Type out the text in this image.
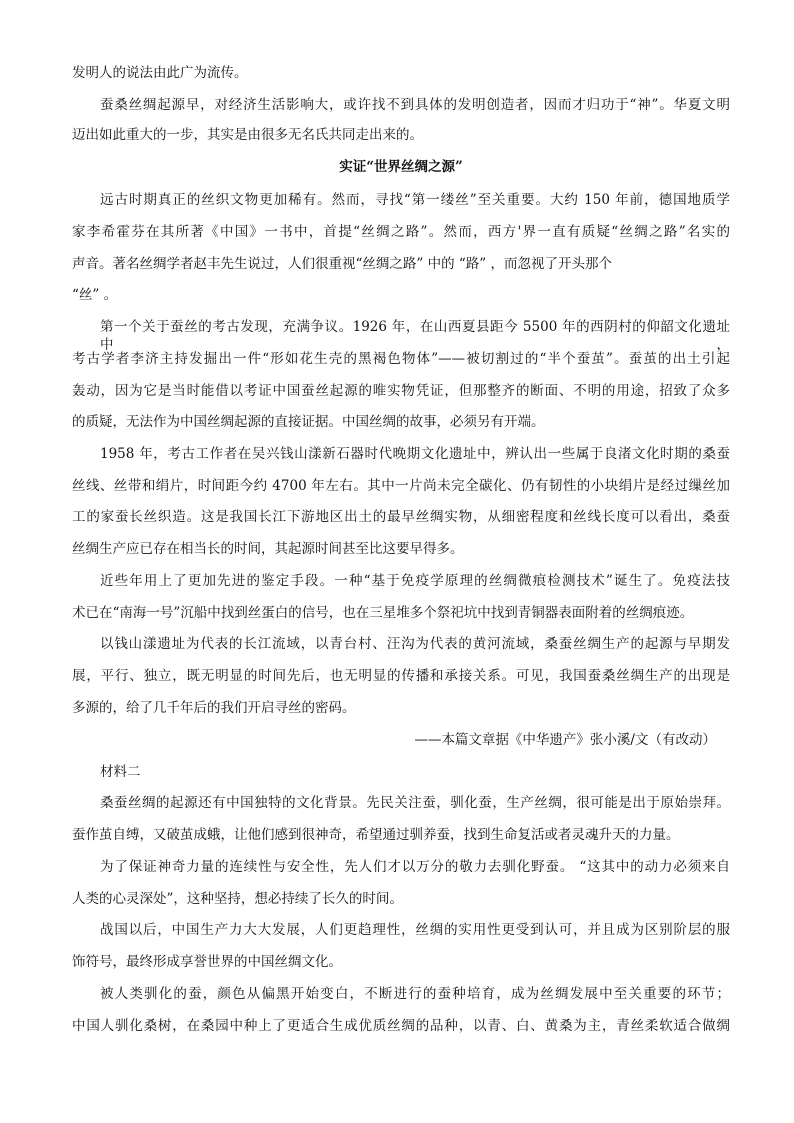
发明人的说法由此广为流传。
蚕桑丝绸起源早，对经济生活影响大，或许找不到具体的发明创造者，因而才归功于“神”。华夏文明
迈出如此重大的一步，其实是由很多无名氏共同走出来的。
实证“世界丝绸之源”
远古时期真正的丝织文物更加稀有。然而，寻找“第一缕丝”至关重要。大约 150 年前，德国地质学
家李希霍芬在其所著《中国》一书中，首提“丝绸之路”。然而，西方'界一直有质疑“丝绸之路”名实的
声音。著名丝绸学者赵丰先生说过，人们很重视“丝绸之路” 中的 “路” ，而忽视了开头那个
“丝” 。
第一个关于蚕丝的考古发现，充满争议。1926 年，在山西夏县距今 5500 年的西阴村的仰韶文化遗址中，
考古学者李济主持发掘出一件“形如花生壳的黑褐色物体”——被切割过的“半个蚕茧”。蚕茧的出土引起
轰动，因为它是当时能借以考证中国蚕丝起源的唯实物凭证，但那整齐的断面、不明的用途，招致了众多
的质疑，无法作为中国丝绸起源的直接证据。中国丝绸的故事，必须另有开端。
1958 年，考古工作者在吴兴钱山漾新石器时代晚期文化遗址中，辨认出一些属于良渚文化时期的桑蚕
丝线、丝带和绢片，时间距今约 4700 年左右。其中一片尚未完全碳化、仍有韧性的小块绢片是经过缫丝加
工的家蚕长丝织造。这是我国长江下游地区出土的最早丝绸实物，从细密程度和丝线长度可以看出，桑蚕
丝绸生产应已存在相当长的时间，其起源时间甚至比这要早得多。
近些年用上了更加先进的鉴定手段。一种“基于免疫学原理的丝绸微痕检测技术”诞生了。免疫法技
术已在“南海一号”沉船中找到丝蛋白的信号，也在三星堆多个祭祀坑中找到青铜器表面附着的丝绸痕迹。
以钱山漾遗址为代表的长江流域，以青台村、汪沟为代表的黄河流域，桑蚕丝绸生产的起源与早期发
展，平行、独立，既无明显的时间先后，也无明显的传播和承接关系。可见，我国蚕桑丝绸生产的出现是
多源的，给了几千年后的我们开启寻丝的密码。
——本篇文章据《中华遗产》张小溪/文（有改动）
材料二
桑蚕丝绸的起源还有中国独特的文化背景。先民关注蚕，驯化蚕，生产丝绸，很可能是出于原始崇拜。
蚕作茧自缚，又破茧成蛾，让他们感到很神奇，希望通过驯养蚕，找到生命复活或者灵魂升天的力量。
为了保证神奇力量的连续性与安全性，先人们才以万分的敬力去驯化野蚕。 “这其中的动力必须来自
人类的心灵深处”，这种坚持，想必持续了长久的时间。
战国以后，中国生产力大大发展，人们更趋理性，丝绸的实用性更受到认可，并且成为区别阶层的服
饰符号，最终形成享誉世界的中国丝绸文化。
被人类驯化的蚕，颜色从偏黑开始变白，不断进行的蚕种培育，成为丝绸发展中至关重要的环节；
中国人驯化桑树，在桑园中种上了更适合生成优质丝绸的品种，以青、白、黄桑为主，青丝柔软适合做绸
